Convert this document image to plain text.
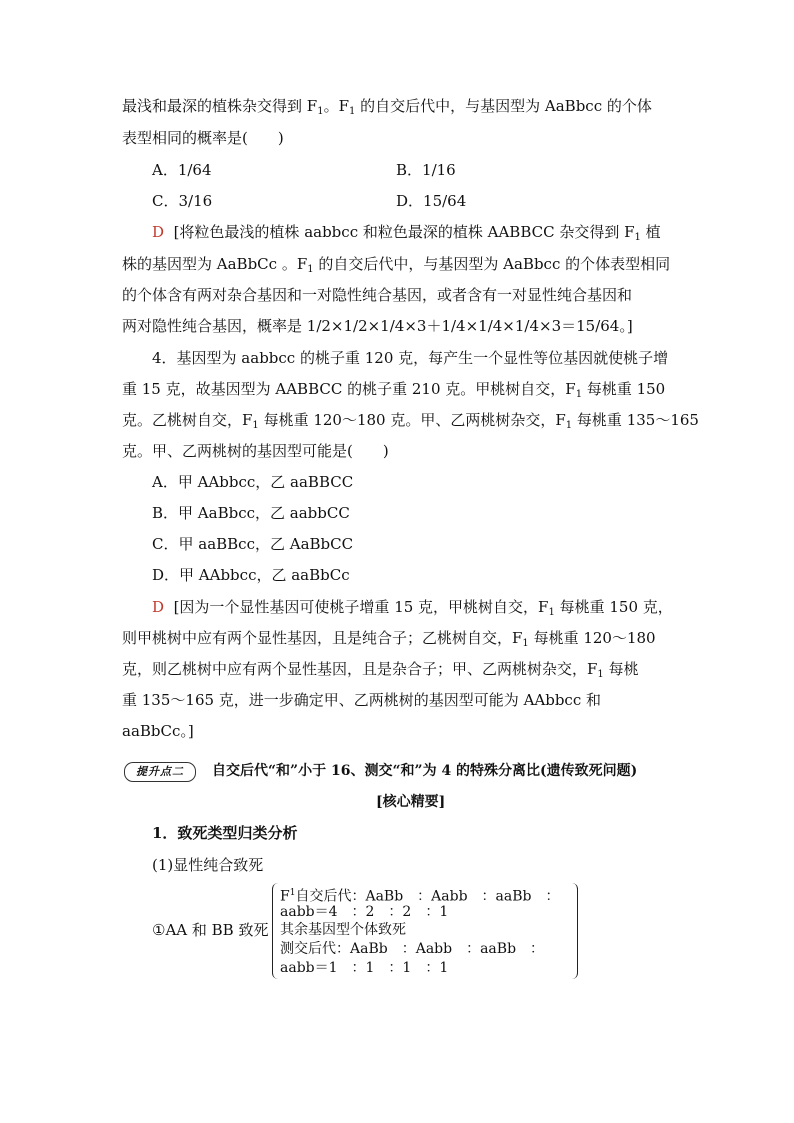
最浅和最深的植株杂交得到 $F_1$。$F_1$ 的自交后代中，与基因型为 AaBbcc 的个体
表型相同的概率是(　　)
A．1/64	B．1/16
C．3/16	D．15/64
D [将粒色最浅的植株 aabbcc 和粒色最深的植株 AABBCC 杂交得到 $F_1$ 植
株的基因型为 AaBbCc 。$F_1$ 的自交后代中，与基因型为 AaBbcc 的个体表型相同
的个体含有两对杂合基因和一对隐性纯合基因，或者含有一对显性纯合基因和
两对隐性纯合基因，概率是 1/2×1/2×1/4×3＋1/4×1/4×1/4×3＝15/64。]
4．基因型为 aabbcc 的桃子重 120 克，每产生一个显性等位基因就使桃子增
重 15 克，故基因型为 AABBCC 的桃子重 210 克。甲桃树自交，$F_1$ 每桃重 150
克。乙桃树自交，$F_1$ 每桃重 120～180 克。甲、乙两桃树杂交，$F_1$ 每桃重 135～165
克。甲、乙两桃树的基因型可能是(　　)
A．甲 AAbbcc，乙 aaBBCC
B．甲 AaBbcc，乙 aabbCC
C．甲 aaBBcc，乙 AaBbCC
D．甲 AAbbcc，乙 aaBbCc
D [因为一个显性基因可使桃子增重 15 克，甲桃树自交，$F_1$ 每桃重 150 克，
则甲桃树中应有两个显性基因，且是纯合子；乙桃树自交，$F_1$ 每桃重 120～180
克，则乙桃树中应有两个显性基因，且是杂合子；甲、乙两桃树杂交，$F_1$ 每桃
重 135～165 克，进一步确定甲、乙两桃树的基因型可能为 AAbbcc 和
aaBbCc。]
提升点二	自交后代“和”小于 16、测交“和”为 4 的特殊分离比(遗传致死问题)
[核心精要]
1．致死类型归类分析
(1)显性纯合致死
①AA 和 BB 致死
$F^1$自交后代：AaBb　：Aabb　：aaBb　：
aabb＝4　：2　：2　：1
其余基因型个体致死
测交后代：AaBb　：Aabb　：aaBb　：
aabb＝1　：1　：1　：1
